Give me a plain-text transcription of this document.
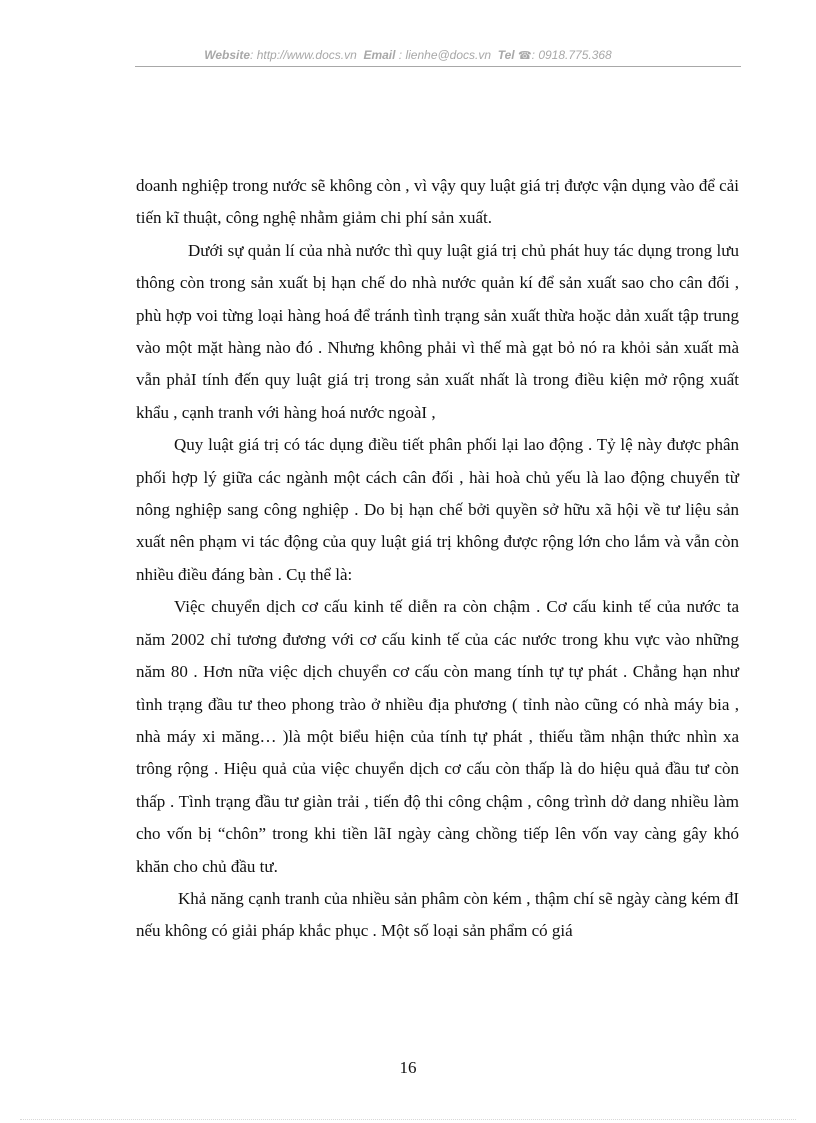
Website: http://www.docs.vn Email : lienhe@docs.vn Tel ☎: 0918.775.368

doanh nghiệp trong nước sẽ không còn , vì vậy quy luật giá trị được vận dụng vào để cải tiến kĩ thuật, công nghệ nhằm giảm chi phí sản xuất.

Dưới sự quản lí của nhà nước thì quy luật giá trị chủ phát huy tác dụng trong lưu thông còn trong sản xuất bị hạn chế do nhà nước quản kí để sản xuất sao cho cân đối , phù hợp voi từng loại hàng hoá để tránh tình trạng sản xuất thừa hoặc dản xuất tập trung vào một mặt hàng nào đó . Nhưng không phải vì thế mà gạt bỏ nó ra khỏi sản xuất mà vẫn phảI tính đến quy luật giá trị trong sản xuất nhất là trong điều kiện mở rộng xuất khẩu , cạnh tranh với hàng hoá nước ngoàI ,

Quy luật giá trị có tác dụng điều tiết phân phối lại lao động . Tỷ lệ này được phân phối hợp lý giữa các ngành một cách cân đối , hài hoà chủ yếu là lao động chuyển từ nông nghiệp sang công nghiệp . Do bị hạn chế bởi quyền sở hữu xã hội về tư liệu sản xuất nên phạm vi tác động của quy luật giá trị không được rộng lớn cho lắm và vẫn còn nhiều điều đáng bàn . Cụ thể là:

Việc chuyển dịch cơ cấu kinh tế diễn ra còn chậm . Cơ cấu kinh tế của nước ta năm 2002 chỉ tương đương với cơ cấu kinh tế của các nước trong khu vực vào những năm 80 . Hơn nữa việc dịch chuyển cơ cấu còn mang tính tự tự phát . Chẳng hạn như tình trạng đầu tư theo phong trào ở nhiều địa phương ( tỉnh nào cũng có nhà máy bia , nhà máy xi măng… )là một biểu hiện của tính tự phát , thiếu tầm nhận thức nhìn xa trông rộng . Hiệu quả của việc chuyển dịch cơ cấu còn thấp là do hiệu quả đầu tư còn thấp . Tình trạng đầu tư giàn trải , tiến độ thi công chậm , công trình dở dang nhiều làm cho vốn bị “chôn” trong khi tiền lãI ngày càng chồng tiếp lên vốn vay càng gây khó khăn cho chủ đầu tư.

Khả năng cạnh tranh của nhiều sản phâm còn kém , thậm chí sẽ ngày càng kém đI nếu không có giải pháp khắc phục . Một số loại sản phẩm có giá

16
